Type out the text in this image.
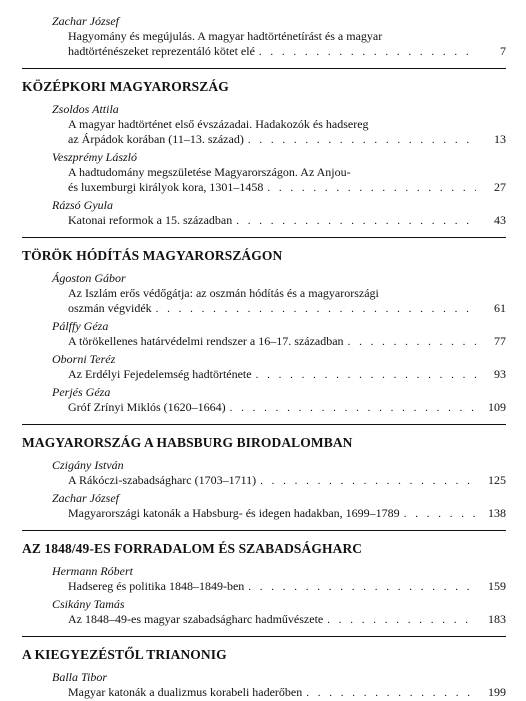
Zachar József
Hagyomány és megújulás. A magyar hadtörténetírást és a magyar
hadtörténészeket reprezentáló kötet elé . . .	7
KÖZÉPKORI MAGYARORSZÁG
Zsoldos Attila
A magyar hadtörténet első évszázadai. Hadakozók és hadsereg
az Árpádok korában (11–13. század) . . .	13
Veszprémy László
A hadtudomány megszületése Magyarországon. Az Anjou-
és luxemburgi királyok kora, 1301–1458 . . .	27
Rázsó Gyula
Katonai reformok a 15. században . . .	43
TÖRÖK HÓDÍTÁS MAGYARORSZÁGON
Ágoston Gábor
Az Iszlám erős védőgátja: az oszmán hódítás és a magyarországi
oszmán végvidék . . .	61
Pálffy Géza
A törökellenes határvédelmi rendszer a 16–17. században . . .	77
Oborni Teréz
Az Erdélyi Fejedelemség hadtörténete . . .	93
Perjés Géza
Gróf Zrínyi Miklós (1620–1664) . . .	109
MAGYARORSZÁG A HABSBURG BIRODALOMBAN
Czigány István
A Rákóczi-szabadságharc (1703–1711) . . .	125
Zachar József
Magyarországi katonák a Habsburg- és idegen hadakban, 1699–1789 . . .	138
AZ 1848/49-ES FORRADALOM ÉS SZABADSÁGHARC
Hermann Róbert
Hadsereg és politika 1848–1849-ben . . .	159
Csikány Tamás
Az 1848–49-es magyar szabadságharc hadművészete . . .	183
A KIEGYEZÉSTŐL TRIANONIG
Balla Tibor
Magyar katonák a dualizmus korabeli haderőben . . .	199
